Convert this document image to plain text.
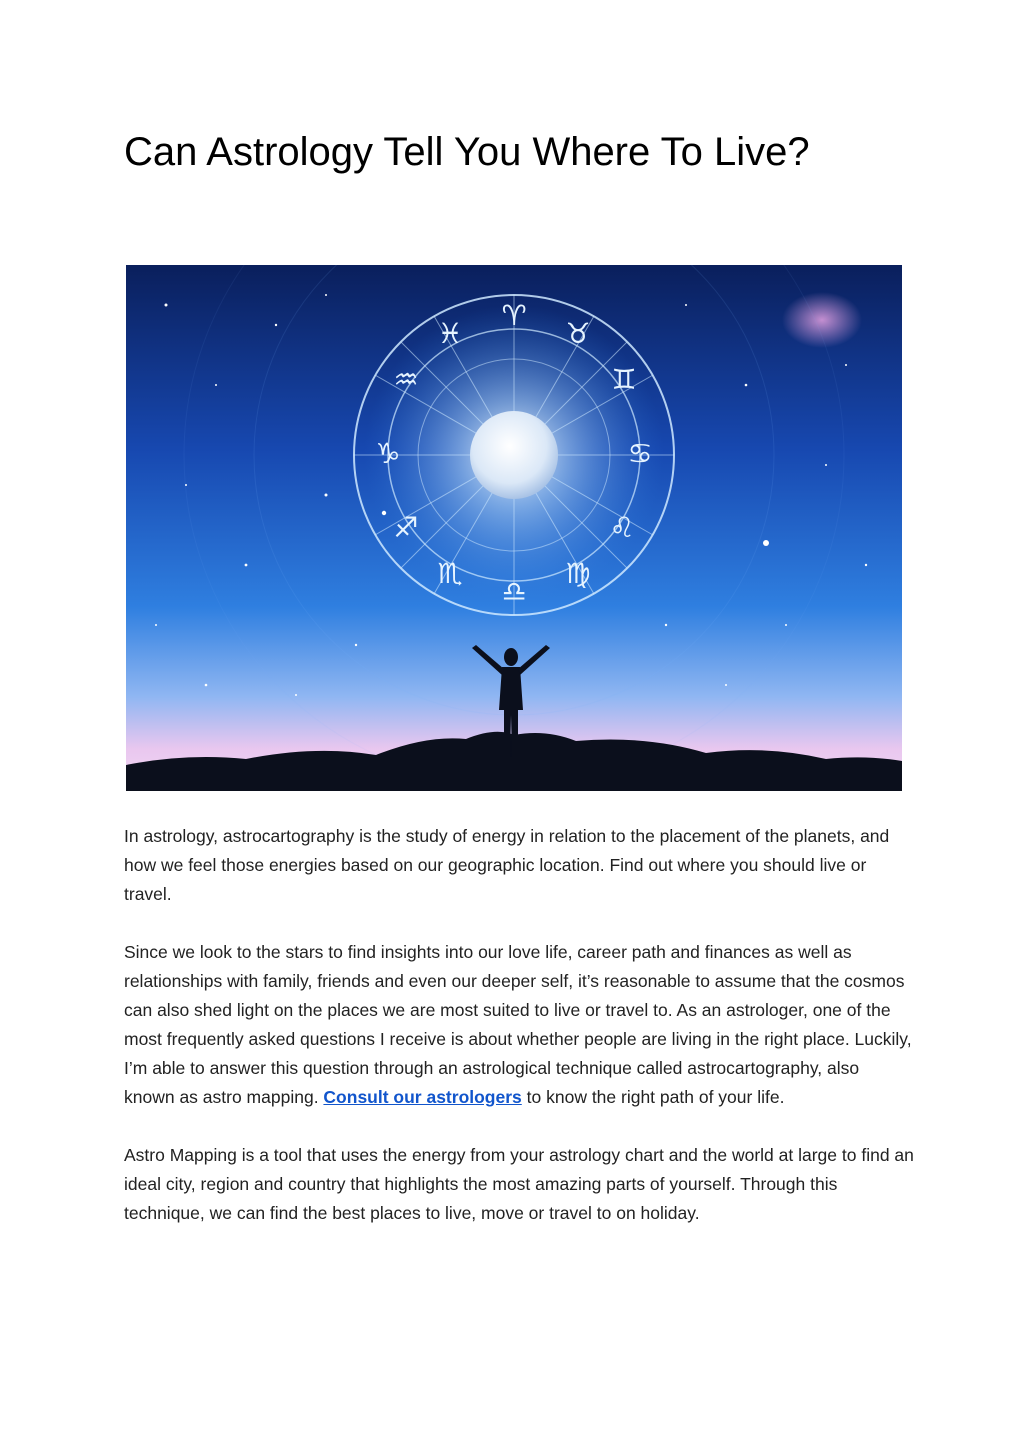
Can Astrology Tell You Where To Live?
♈
♉
♊
♋
♌
♍
♎
♏
♐
♑
♒
♓

In astrology, astrocartography is the study of energy in relation to the placement of the planets, and how we feel those energies based on our geographic location. Find out where you should live or travel.

Since we look to the stars to find insights into our love life, career path and finances as well as relationships with family, friends and even our deeper self, it’s reasonable to assume that the cosmos can also shed light on the places we are most suited to live or travel to. As an astrologer, one of the most frequently asked questions I receive is about whether people are living in the right place. Luckily, I’m able to answer this question through an astrological technique called astrocartography, also known as astro mapping. Consult our astrologers to know the right path of your life.

Astro Mapping is a tool that uses the energy from your astrology chart and the world at large to find an ideal city, region and country that highlights the most amazing parts of yourself. Through this technique, we can find the best places to live, move or travel to on holiday.
